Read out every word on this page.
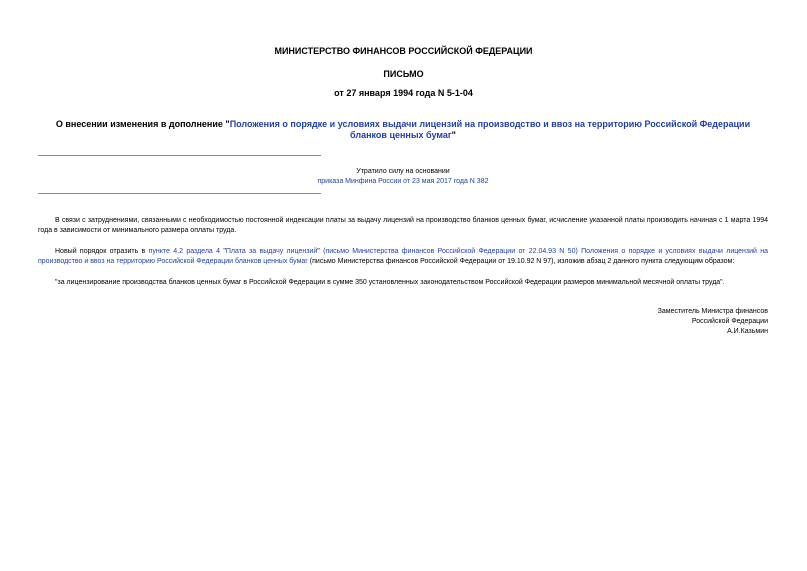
МИНИСТЕРСТВО ФИНАНСОВ РОССИЙСКОЙ ФЕДЕРАЦИИ
ПИСЬМО
от 27 января 1994 года N 5-1-04
О внесении изменения в дополнение "Положения о порядке и условиях выдачи лицензий на производство и ввоз на территорию Российской Федерации бланков ценных бумаг"
Утратило силу на основании
приказа Минфина России от 23 мая 2017 года N 382
В связи с затруднениями, связанными с необходимостью постоянной индексации платы за выдачу лицензий на производство бланков ценных бумаг, исчисление указанной платы производить начиная с 1 марта 1994 года в зависимости от минимального размера оплаты труда.
Новый порядок отразить в пункте 4.2 раздела 4 "Плата за выдачу лицензий" (письмо Министерства финансов Российской Федерации от 22.04.93 N 50) Положения о порядке и условиях выдачи лицензий на производство и ввоз на территорию Российской Федерации бланков ценных бумаг (письмо Министерства финансов Российской Федерации от 19.10.92 N 97), изложив абзац 2 данного пункта следующим образом:
"за лицензирование производства бланков ценных бумаг в Российской Федерации в сумме 350 установленных законодательством Российской Федерации размеров минимальной месячной оплаты труда".
Заместитель Министра финансов
Российской Федерации
А.И.Казьмин
